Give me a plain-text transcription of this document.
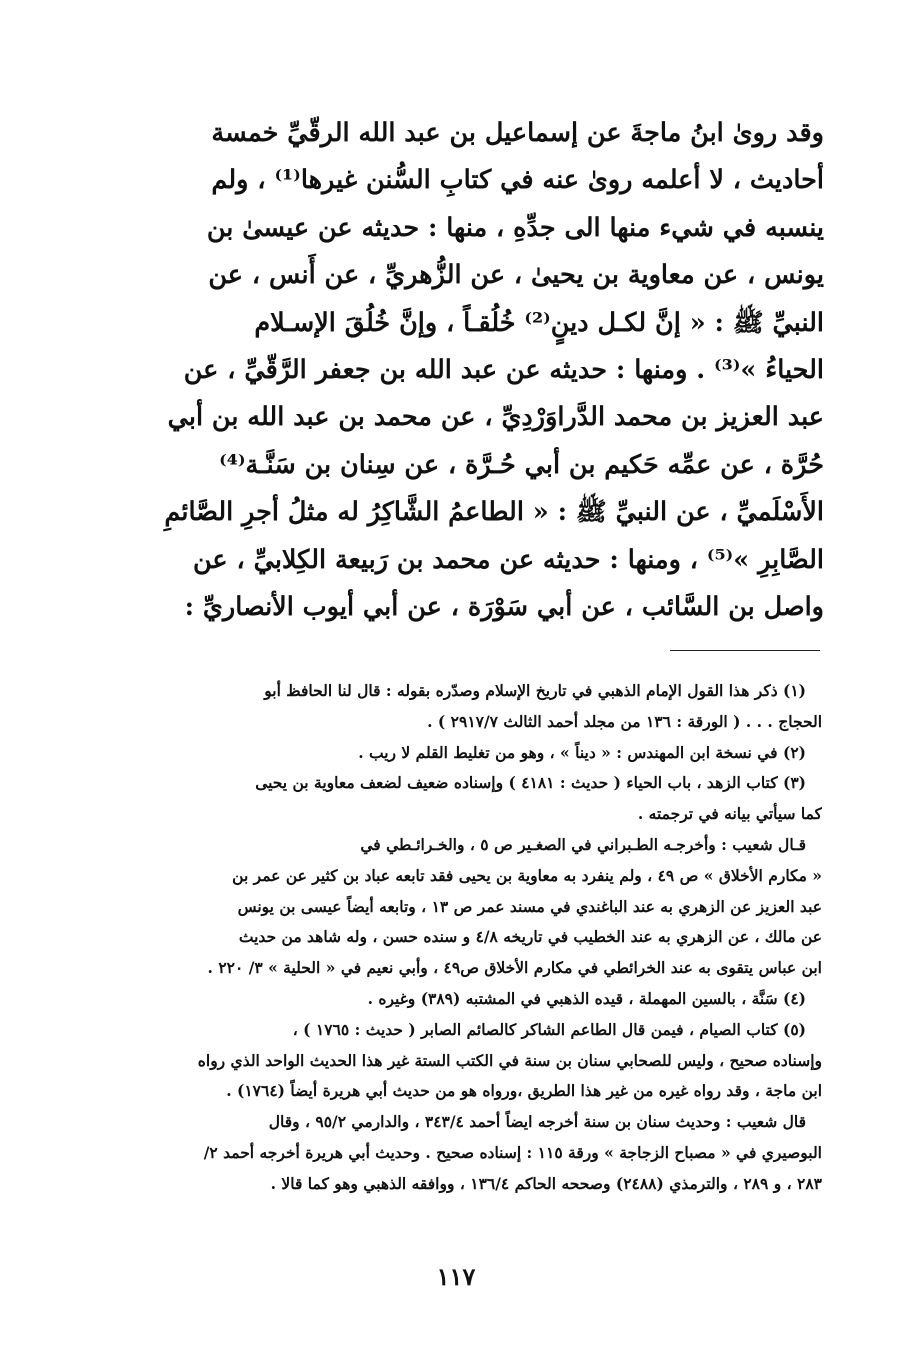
وقد روىٰ ابنُ ماجةَ عن إسماعيل بن عبد الله الرقّيِّ خمسة
أحاديث ، لا أعلمه روىٰ عنه في كتابِ السُّنن غيرها⁽¹⁾ ، ولم
ينسبه في شيء منها الى جدِّهِ ، منها : حديثه عن عيسىٰ بن
يونس ، عن معاوية بن يحيىٰ ، عن الزُّهريِّ ، عن أَنس ، عن
النبيِّ ﷺ : « إنَّ لكـل دينٍ⁽²⁾ خُلُقـاً ، وإنَّ خُلُقَ الإسـلام
الحياءُ »⁽³⁾ . ومنها : حديثه عن عبد الله بن جعفر الرَّقّيِّ ، عن
عبد العزيز بن محمد الدَّراوَرْدِيِّ ، عن محمد بن عبد الله بن أبي
حُرَّة ، عن عمِّه حَكيم بن أبي حُـرَّة ، عن سِنان بن سَنَّـة⁽⁴⁾
الأَسْلَميِّ ، عن النبيِّ ﷺ : « الطاعمُ الشَّاكِرُ له مثلُ أجرِ الصَّائمِ
الصَّابِرِ »⁽⁵⁾ ، ومنها : حديثه عن محمد بن رَبيعة الكِلابيِّ ، عن
واصل بن السَّائب ، عن أبي سَوْرَة ، عن أبي أيوب الأنصاريِّ :
(١) ذكر هذا القول الإمام الذهبي في تاريخ الإسلام وصدّره بقوله : قال لنا الحافظ أبو
الحجاج . . . ( الورقة : ١٣٦ من مجلد أحمد الثالث ٢٩١٧/٧ ) .
(٢) في نسخة ابن المهندس : « ديناً » ، وهو من تغليط القلم لا ريب .
(٣) كتاب الزهد ، باب الحياء ( حديث : ٤١٨١ ) وإسناده ضعيف لضعف معاوية بن يحيى
كما سيأتي بيانه في ترجمته .
قـال شعيب : وأخرجـه الطـبراني في الصغـير ص ٥ ، والخـرائـطي في
« مكارم الأخلاق » ص ٤٩ ، ولم ينفرد به معاوية بن يحيى فقد تابعه عباد بن كثير عن عمر بن
عبد العزيز عن الزهري به عند الباغندي في مسند عمر ص ١٣ ، وتابعه أيضاً عيسى بن يونس
عن مالك ، عن الزهري به عند الخطيب في تاريخه ٤/٨ و سنده حسن ، وله شاهد من حديث
ابن عباس يتقوى به عند الخرائطي في مكارم الأخلاق ص٤٩ ، وأبي نعيم في « الحلية » ٣/ ٢٢٠ .
(٤) سَنَّة ، بالسين المهملة ، قيده الذهبي في المشتبه (٣٨٩) وغيره .
(٥) كتاب الصيام ، فيمن قال الطاعم الشاكر كالصائم الصابر ( حديث : ١٧٦٥ ) ،
وإسناده صحيح ، وليس للصحابي سنان بن سنة في الكتب الستة غير هذا الحديث الواحد الذي رواه
ابن ماجة ، وقد رواه غيره من غير هذا الطريق ،ورواه هو من حديث أبي هريرة أيضاً (١٧٦٤) .
قال شعيب : وحديث سنان بن سنة أخرجه ايضاً أحمد ٣٤٣/٤ ، والدارمي ٩٥/٢ ، وقال
البوصيري في « مصباح الزجاجة » ورقة ١١٥ : إسناده صحيح . وحديث أبي هريرة أخرجه أحمد ٢/
٢٨٣ ، و ٢٨٩ ، والترمذي (٢٤٨٨) وصححه الحاكم ١٣٦/٤ ، ووافقه الذهبي وهو كما قالا .
١١٧
